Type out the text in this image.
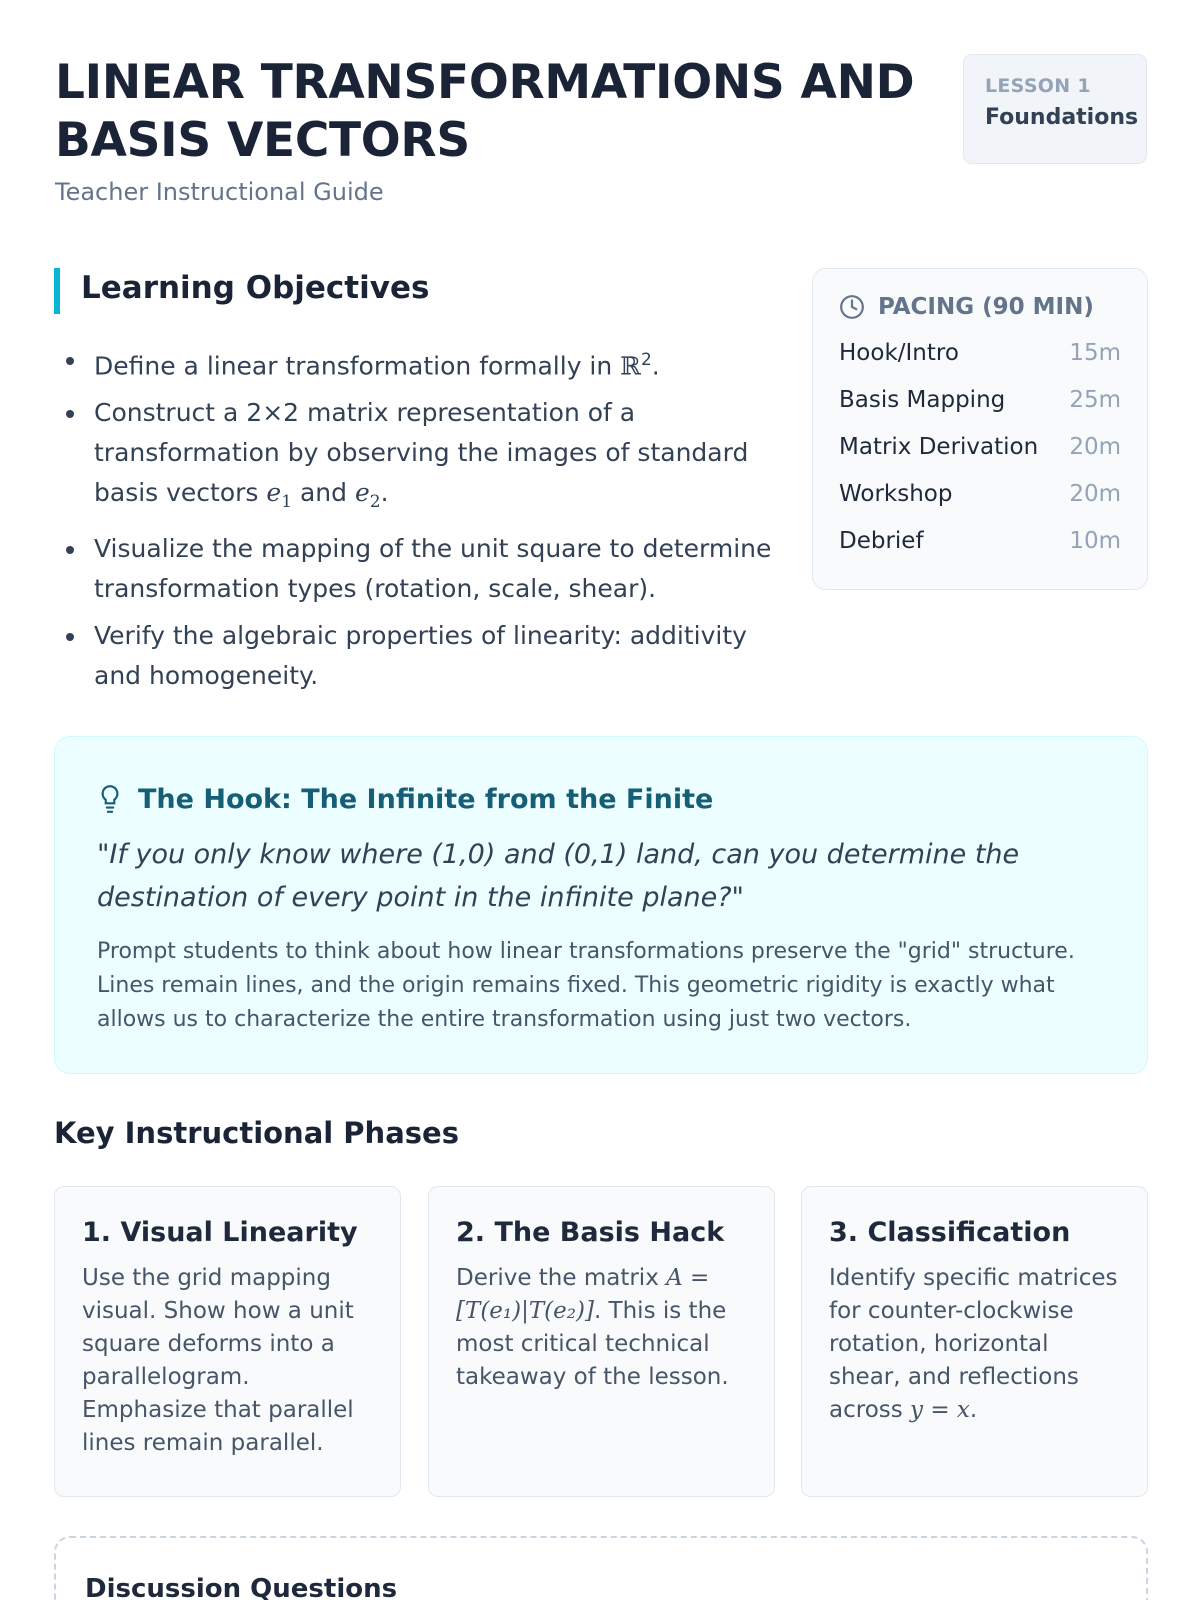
LINEAR TRANSFORMATIONS AND
BASIS VECTORS
Teacher Instructional Guide
LESSON 1
Foundations
Learning Objectives
Define a linear transformation formally in ℝ$^2$.
Construct a 2×2 matrix representation of a transformation by observing the images of standard basis vectors $e_1$ and $e_2$.
Visualize the mapping of the unit square to determine transformation types (rotation, scale, shear).
Verify the algebraic properties of linearity: additivity and homogeneity.
PACING (90 MIN)
Hook/Intro	15m
Basis Mapping	25m
Matrix Derivation 20m
Workshop	20m
Debrief	10m
The Hook: The Infinite from the Finite
"If you only know where (1,0) and (0,1) land, can you determine the destination of every point in the infinite plane?"
Prompt students to think about how linear transformations preserve the "grid" structure. Lines remain lines, and the origin remains fixed. This geometric rigidity is exactly what allows us to characterize the entire transformation using just two vectors.
Key Instructional Phases
1. Visual Linearity
Use the grid mapping visual. Show how a unit square deforms into a parallelogram. Emphasize that parallel lines remain parallel.
2. The Basis Hack
Derive the matrix A = [T(e₁)|T(e₂)]. This is the most critical technical takeaway of the lesson.
3. Classification
Identify specific matrices for counter-clockwise rotation, horizontal shear, and reflections across y = x.
Discussion Questions
